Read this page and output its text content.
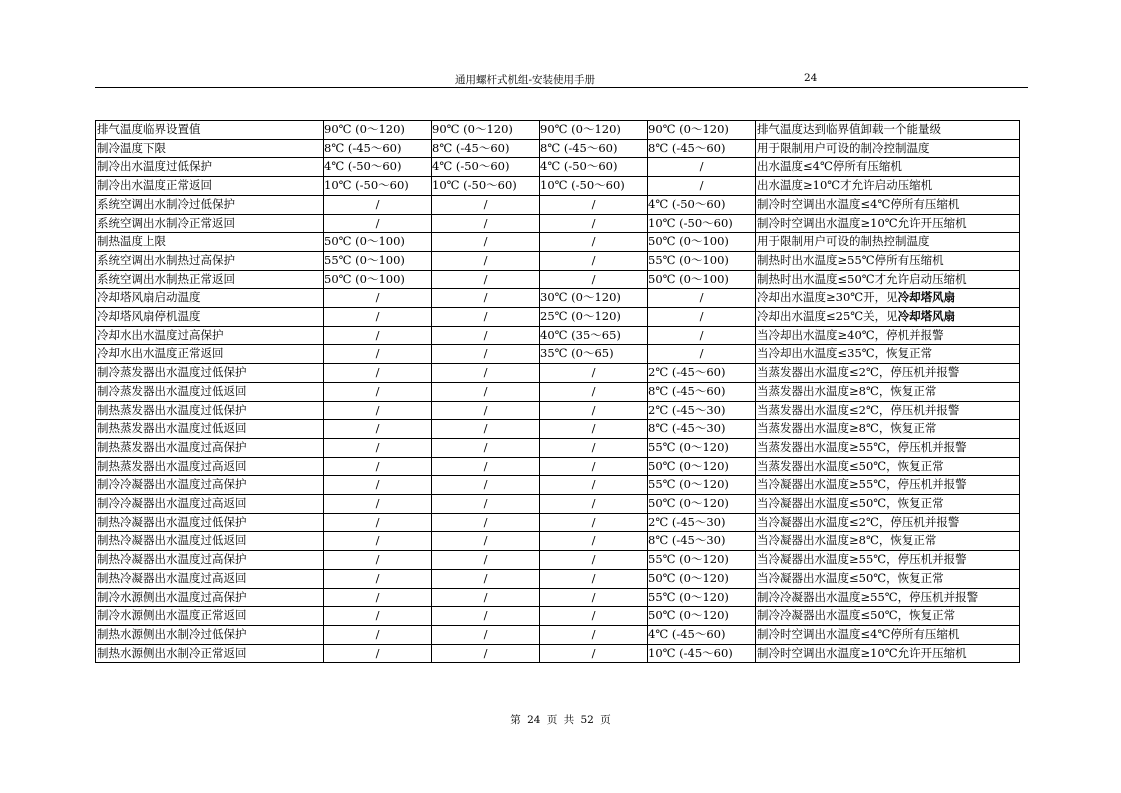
通用螺杆式机组-安装使用手册	24
排气温度临界设置值	90℃ (0～120)	90℃ (0～120)	90℃ (0～120)	90℃ (0～120)	排气温度达到临界值卸载一个能量级
制冷温度下限	8℃ (-45～60)	8℃ (-45～60)	8℃ (-45～60)	8℃ (-45～60)	用于限制用户可设的制冷控制温度
制冷出水温度过低保护	4℃ (-50～60)	4℃ (-50～60)	4℃ (-50～60)	/	出水温度≤4℃停所有压缩机
制冷出水温度正常返回	10℃ (-50～60)	10℃ (-50～60)	10℃ (-50～60)	/	出水温度≥10℃才允许启动压缩机
系统空调出水制冷过低保护	/	/	/	4℃ (-50～60)	制冷时空调出水温度≤4℃停所有压缩机
系统空调出水制冷正常返回	/	/	/	10℃ (-50～60)	制冷时空调出水温度≥10℃允许开压缩机
制热温度上限	50℃ (0～100)	/	/	50℃ (0～100)	用于限制用户可设的制热控制温度
系统空调出水制热过高保护	55℃ (0～100)	/	/	55℃ (0～100)	制热时出水温度≥55℃停所有压缩机
系统空调出水制热正常返回	50℃ (0～100)	/	/	50℃ (0～100)	制热时出水温度≤50℃才允许启动压缩机
冷却塔风扇启动温度	/	/	30℃ (0～120)	/	冷却出水温度≥30℃开，见冷却塔风扇
冷却塔风扇停机温度	/	/	25℃ (0～120)	/	冷却出水温度≤25℃关，见冷却塔风扇
冷却水出水温度过高保护	/	/	40℃ (35～65)	/	当冷却出水温度≥40℃，停机并报警
冷却水出水温度正常返回	/	/	35℃ (0～65)	/	当冷却出水温度≤35℃，恢复正常
制冷蒸发器出水温度过低保护	/	/	/	2℃ (-45～60)	当蒸发器出水温度≤2℃，停压机并报警
制冷蒸发器出水温度过低返回	/	/	/	8℃ (-45～60)	当蒸发器出水温度≥8℃，恢复正常
制热蒸发器出水温度过低保护	/	/	/	2℃ (-45～30)	当蒸发器出水温度≤2℃，停压机并报警
制热蒸发器出水温度过低返回	/	/	/	8℃ (-45～30)	当蒸发器出水温度≥8℃，恢复正常
制热蒸发器出水温度过高保护	/	/	/	55℃ (0～120)	当蒸发器出水温度≥55℃，停压机并报警
制热蒸发器出水温度过高返回	/	/	/	50℃ (0～120)	当蒸发器出水温度≤50℃，恢复正常
制冷冷凝器出水温度过高保护	/	/	/	55℃ (0～120)	当冷凝器出水温度≥55℃，停压机并报警
制冷冷凝器出水温度过高返回	/	/	/	50℃ (0～120)	当冷凝器出水温度≤50℃，恢复正常
制热冷凝器出水温度过低保护	/	/	/	2℃ (-45～30)	当冷凝器出水温度≤2℃，停压机并报警
制热冷凝器出水温度过低返回	/	/	/	8℃ (-45～30)	当冷凝器出水温度≥8℃，恢复正常
制热冷凝器出水温度过高保护	/	/	/	55℃ (0～120)	当冷凝器出水温度≥55℃，停压机并报警
制热冷凝器出水温度过高返回	/	/	/	50℃ (0～120)	当冷凝器出水温度≤50℃，恢复正常
制冷水源侧出水温度过高保护	/	/	/	55℃ (0～120)	制冷冷凝器出水温度≥55℃，停压机并报警
制冷水源侧出水温度正常返回	/	/	/	50℃ (0～120)	制冷冷凝器出水温度≤50℃，恢复正常
制热水源侧出水制冷过低保护	/	/	/	4℃ (-45～60)	制冷时空调出水温度≤4℃停所有压缩机
制热水源侧出水制冷正常返回	/	/	/	10℃ (-45～60)	制冷时空调出水温度≥10℃允许开压缩机
第 24 页 共 52 页
